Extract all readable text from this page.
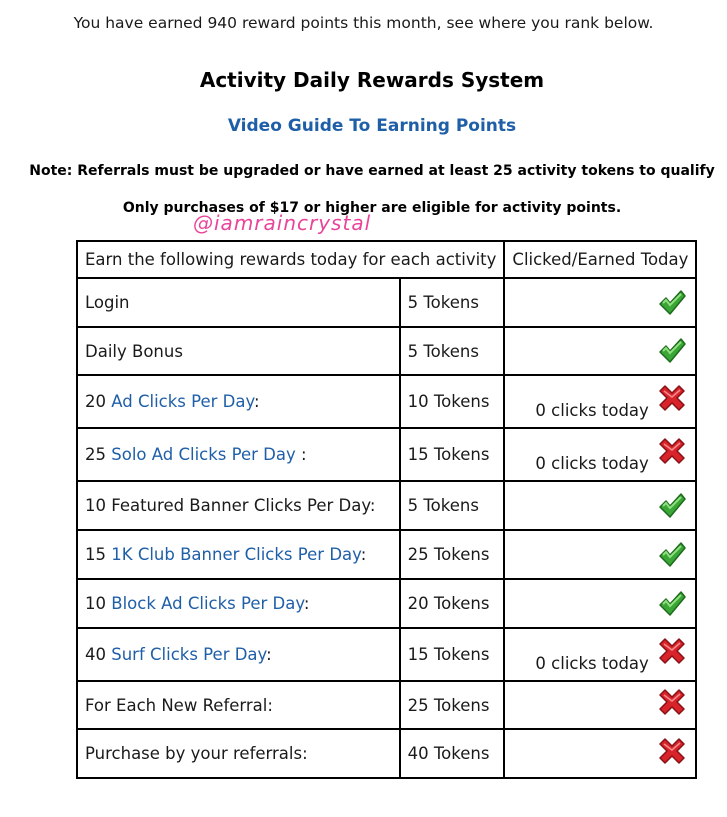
You have earned 940 reward points this month, see where you rank below.
Activity Daily Rewards System
Video Guide To Earning Points
Note: Referrals must be upgraded or have earned at least 25 activity tokens to qualify
Only purchases of $17 or higher are eligible for activity points.
@iamraincrystal
Earn the following rewards today for each activity		Clicked/Earned Today
Login	5 Tokens	

Daily Bonus	5 Tokens	

20 Ad Clicks Per Day:	10 Tokens	0 clicks today

25 Solo Ad Clicks Per Day :	15 Tokens	0 clicks today

10 Featured Banner Clicks Per Day:	5 Tokens	

15 1K Club Banner Clicks Per Day:	25 Tokens	

10 Block Ad Clicks Per Day:	20 Tokens	

40 Surf Clicks Per Day:	15 Tokens	0 clicks today

For Each New Referral:	25 Tokens	

Purchase by your referrals:	40 Tokens	
